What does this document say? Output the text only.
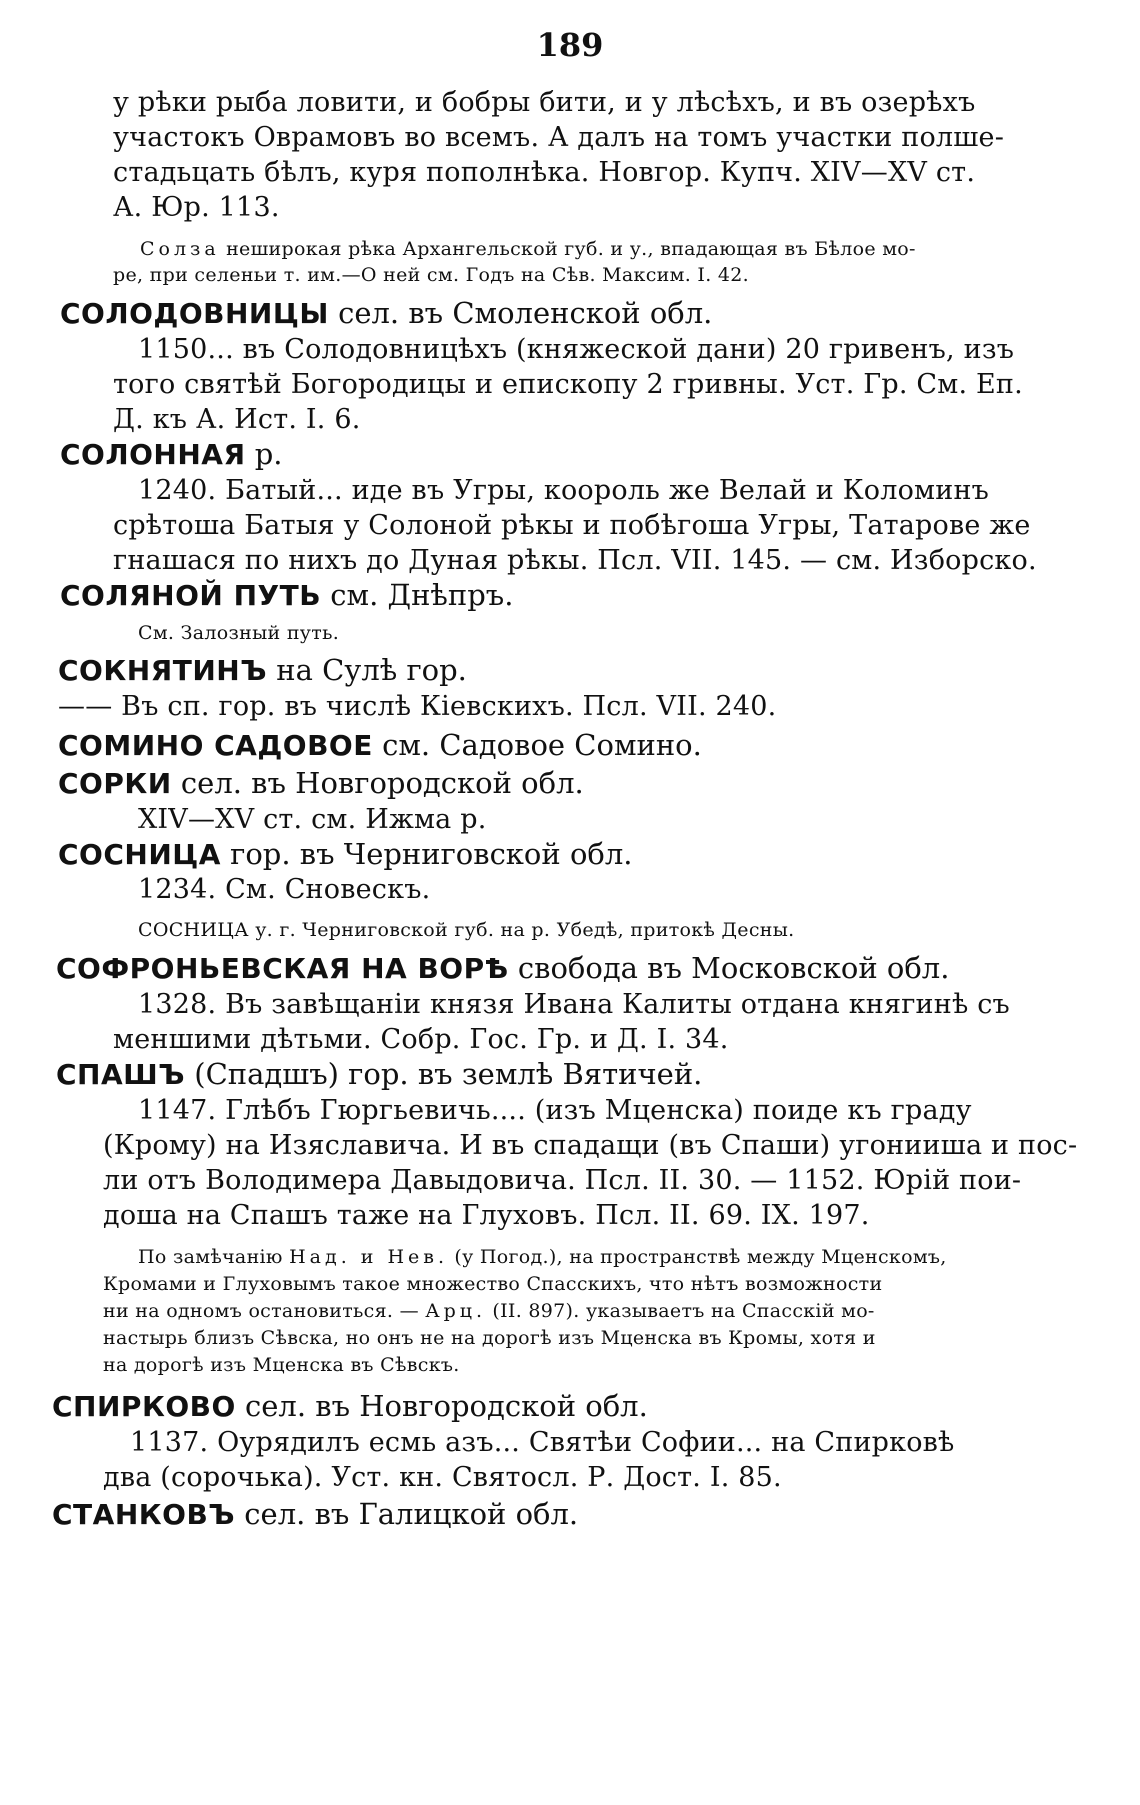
189

у рѣки рыба ловити, и бобры бити, и у лѣсѣхъ, и въ озерѣхъ

участокъ Оврамовъ во всемъ. А далъ на томъ участки полше-

стадьцать бѣлъ, куря пополнѣка. Новгор. Купч. XIV—XV ст.

А. Юр. 113.

Солза неширокая рѣка Архангельской губ. и у., впадающая въ Бѣлое мо-

ре, при селеньи т. им.—О ней см. Годъ на Сѣв. Максим. I. 42.

СОЛОДОВНИЦЫ сел. въ Смоленской обл.

1150... въ Солодовницѣхъ (княжеской дани) 20 гривенъ, изъ

того святѣй Богородицы и епископу 2 гривны. Уст. Гр. См. Еп.

Д. къ А. Ист. I. 6.

СОЛОННАЯ р.

1240. Батый... иде въ Угры, коороль же Велай и Коломинъ

срѣтоша Батыя у Солоной рѣкы и побѣгоша Угры, Татарове же

гнашася по нихъ до Дуная рѣкы. Псл. VII. 145. — см. Изборско.

СОЛЯНОЙ ПУТЬ см. Днѣпръ.

См. Залозный путь.

СОКНЯТИНЪ на Сулѣ гор.

—— Въ сп. гор. въ числѣ Кіевскихъ. Псл. VII. 240.

СОМИНО САДОВОЕ см. Садовое Сомино.

СОРКИ сел. въ Новгородской обл.

XIV—XV ст. см. Ижма р.

СОСНИЦА гор. въ Черниговской обл.

1234. См. Сновескъ.

СОСНИЦА у. г. Черниговской губ. на р. Убедѣ, притокѣ Десны.

СОФРОНЬЕВСКАЯ НА ВОРѢ свобода въ Московской обл.

1328. Въ завѣщаніи князя Ивана Калиты отдана княгинѣ съ

меншими дѣтьми. Собр. Гос. Гр. и Д. I. 34.

СПАШЪ (Спадшъ) гор. въ землѣ Вятичей.

1147. Глѣбъ Гюргьевичь.... (изъ Мценска) поиде къ граду

(Крому) на Изяславича. И въ спадащи (въ Спаши) угонииша и пос-

ли отъ Володимера Давыдовича. Псл. II. 30. — 1152. Юрій пои-

доша на Спашъ таже на Глуховъ. Псл. II. 69. IX. 197.

По замѣчанію Над. и Нев. (у Погод.), на пространствѣ между Мценскомъ,

Кромами и Глуховымъ такое множество Спасскихъ, что нѣтъ возможности

ни на одномъ остановиться. — Арц. (II. 897). указываетъ на Спасскій мо-

настырь близъ Сѣвска, но онъ не на дорогѣ изъ Мценска въ Кромы, хотя и

на дорогѣ изъ Мценска въ Сѣвскъ.

СПИРКОВО сел. въ Новгородской обл.

1137. Оурядилъ есмь азъ... Святѣи Софии... на Спирковѣ

два (сорочька). Уст. кн. Святосл. Р. Дост. I. 85.

СТАНКОВЪ сел. въ Галицкой обл.
